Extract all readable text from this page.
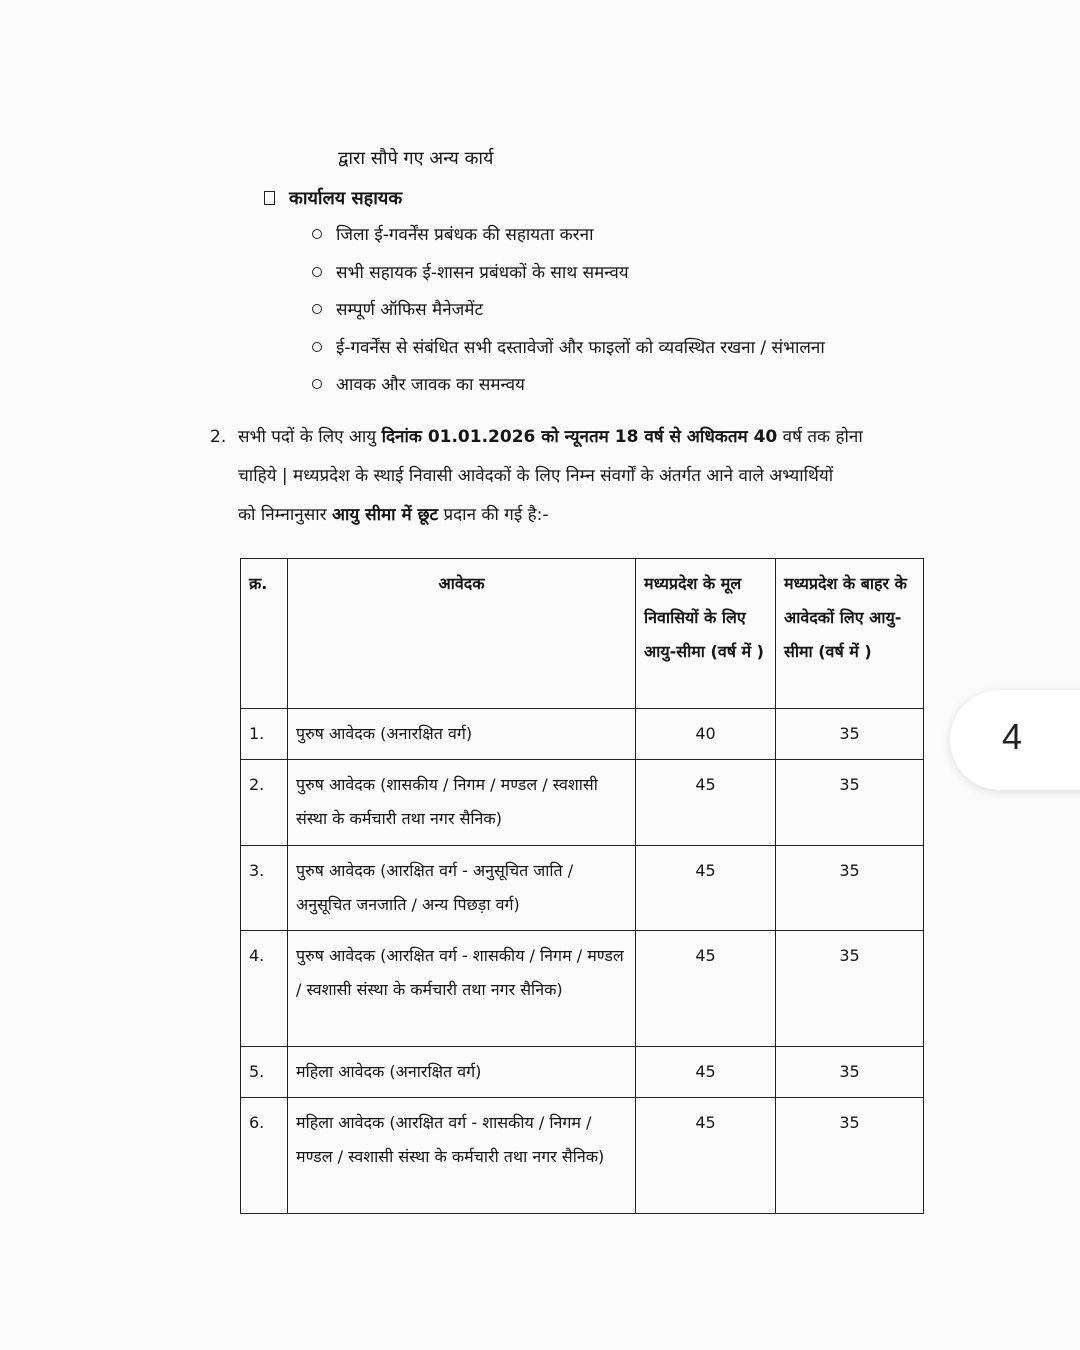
द्वारा सौपे गए अन्य कार्य
कार्यालय सहायक
जिला ई-गवर्नेंस प्रबंधक की सहायता करना
सभी सहायक ई-शासन प्रबंधकों के साथ समन्वय
सम्पूर्ण ऑफिस मैनेजमेंट
ई-गवर्नेंस से संबंधित सभी दस्तावेजों और फाइलों को व्यवस्थित रखना / संभालना
आवक और जावक का समन्वय
2. सभी पदों के लिए आयु दिनांक 01.01.2026 को न्यूनतम 18 वर्ष से अधिकतम 40 वर्ष तक होना
चाहिये | मध्यप्रदेश के स्थाई निवासी आवेदकों के लिए निम्न संवर्गों के अंतर्गत आने वाले अभ्यार्थियों
को निम्नानुसार आयु सीमा में छूट प्रदान की गई है:-
क्र.	आवेदक	मध्यप्रदेश के मूल निवासियों के लिए आयु-सीमा (वर्ष में )	मध्यप्रदेश के बाहर के आवेदकों लिए आयु-सीमा (वर्ष में )
1.	पुरुष आवेदक (अनारक्षित वर्ग)	40	35
2.	पुरुष आवेदक (शासकीय / निगम / मण्डल / स्वशासी संस्था के कर्मचारी तथा नगर सैनिक)	45	35
3.	पुरुष आवेदक (आरक्षित वर्ग - अनुसूचित जाति / अनुसूचित जनजाति / अन्य पिछड़ा वर्ग)	45	35
4.	पुरुष आवेदक (आरक्षित वर्ग - शासकीय / निगम / मण्डल / स्वशासी संस्था के कर्मचारी तथा नगर सैनिक)	45	35
5.	महिला आवेदक (अनारक्षित वर्ग)	45	35
6.	महिला आवेदक (आरक्षित वर्ग - शासकीय / निगम / मण्डल / स्वशासी संस्था के कर्मचारी तथा नगर सैनिक)	45	35
4
